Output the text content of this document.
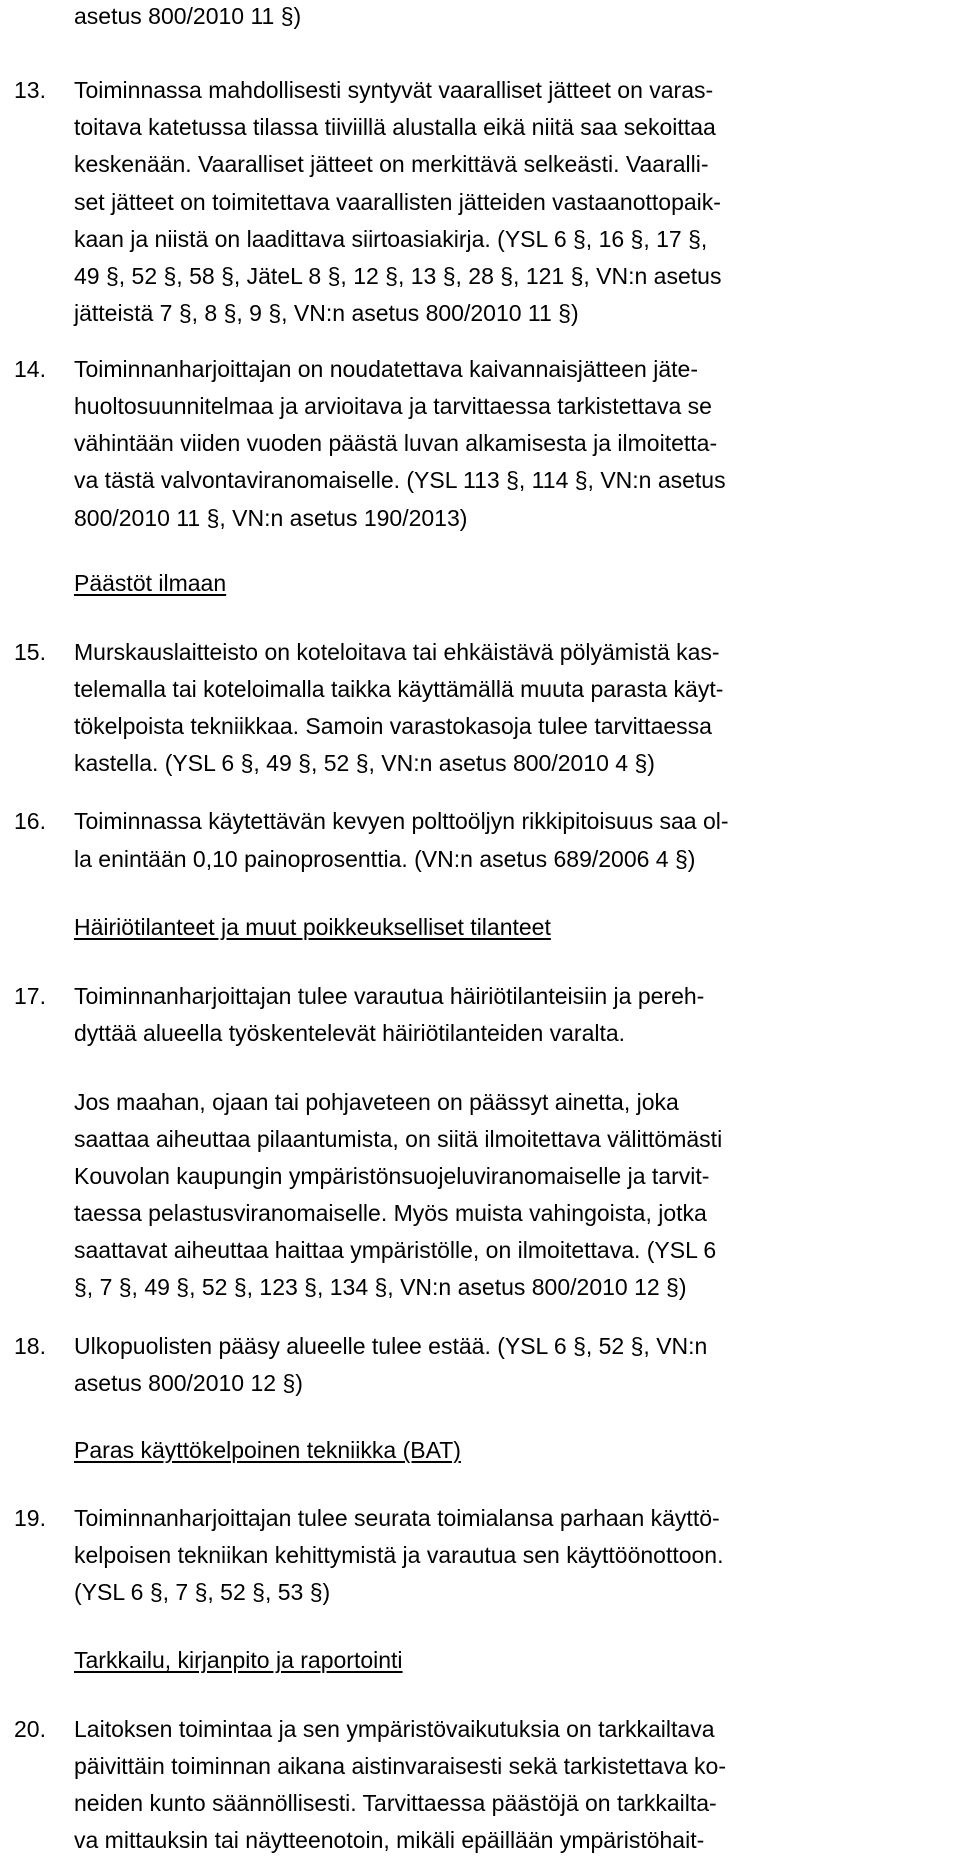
asetus 800/2010 11 §)
13. Toiminnassa mahdollisesti syntyvät vaaralliset jätteet on varas-
toitava katetussa tilassa tiiviillä alustalla eikä niitä saa sekoittaa
keskenään. Vaaralliset jätteet on merkittävä selkeästi. Vaaralli-
set jätteet on toimitettava vaarallisten jätteiden vastaanottopaik-
kaan ja niistä on laadittava siirtoasiakirja. (YSL 6 §, 16 §, 17 §,
49 §, 52 §, 58 §, JäteL 8 §, 12 §, 13 §, 28 §, 121 §, VN:n asetus
jätteistä 7 §, 8 §, 9 §, VN:n asetus 800/2010 11 §)
14. Toiminnanharjoittajan on noudatettava kaivannaisjätteen jäte-
huoltosuunnitelmaa ja arvioitava ja tarvittaessa tarkistettava se
vähintään viiden vuoden päästä luvan alkamisesta ja ilmoitetta-
va tästä valvontaviranomaiselle. (YSL 113 §, 114 §, VN:n asetus
800/2010 11 §, VN:n asetus 190/2013)
Päästöt ilmaan
15. Murskauslaitteisto on koteloitava tai ehkäistävä pölyämistä kas-
telemalla tai koteloimalla taikka käyttämällä muuta parasta käyt-
tökelpoista tekniikkaa. Samoin varastokasoja tulee tarvittaessa
kastella. (YSL 6 §, 49 §, 52 §, VN:n asetus 800/2010 4 §)
16. Toiminnassa käytettävän kevyen polttoöljyn rikkipitoisuus saa ol-
la enintään 0,10 painoprosenttia. (VN:n asetus 689/2006 4 §)
Häiriötilanteet ja muut poikkeukselliset tilanteet
17. Toiminnanharjoittajan tulee varautua häiriötilanteisiin ja pereh-
dyttää alueella työskentelevät häiriötilanteiden varalta.
Jos maahan, ojaan tai pohjaveteen on päässyt ainetta, joka
saattaa aiheuttaa pilaantumista, on siitä ilmoitettava välittömästi
Kouvolan kaupungin ympäristönsuojeluviranomaiselle ja tarvit-
taessa pelastusviranomaiselle. Myös muista vahingoista, jotka
saattavat aiheuttaa haittaa ympäristölle, on ilmoitettava. (YSL 6
§, 7 §, 49 §, 52 §, 123 §, 134 §, VN:n asetus 800/2010 12 §)
18. Ulkopuolisten pääsy alueelle tulee estää. (YSL 6 §, 52 §, VN:n
asetus 800/2010 12 §)
Paras käyttökelpoinen tekniikka (BAT)
19. Toiminnanharjoittajan tulee seurata toimialansa parhaan käyttö-
kelpoisen tekniikan kehittymistä ja varautua sen käyttöönottoon.
(YSL 6 §, 7 §, 52 §, 53 §)
Tarkkailu, kirjanpito ja raportointi
20. Laitoksen toimintaa ja sen ympäristövaikutuksia on tarkkailtava
päivittäin toiminnan aikana aistinvaraisesti sekä tarkistettava ko-
neiden kunto säännöllisesti. Tarvittaessa päästöjä on tarkkailta-
va mittauksin tai näytteenotoin, mikäli epäillään ympäristöhait-
